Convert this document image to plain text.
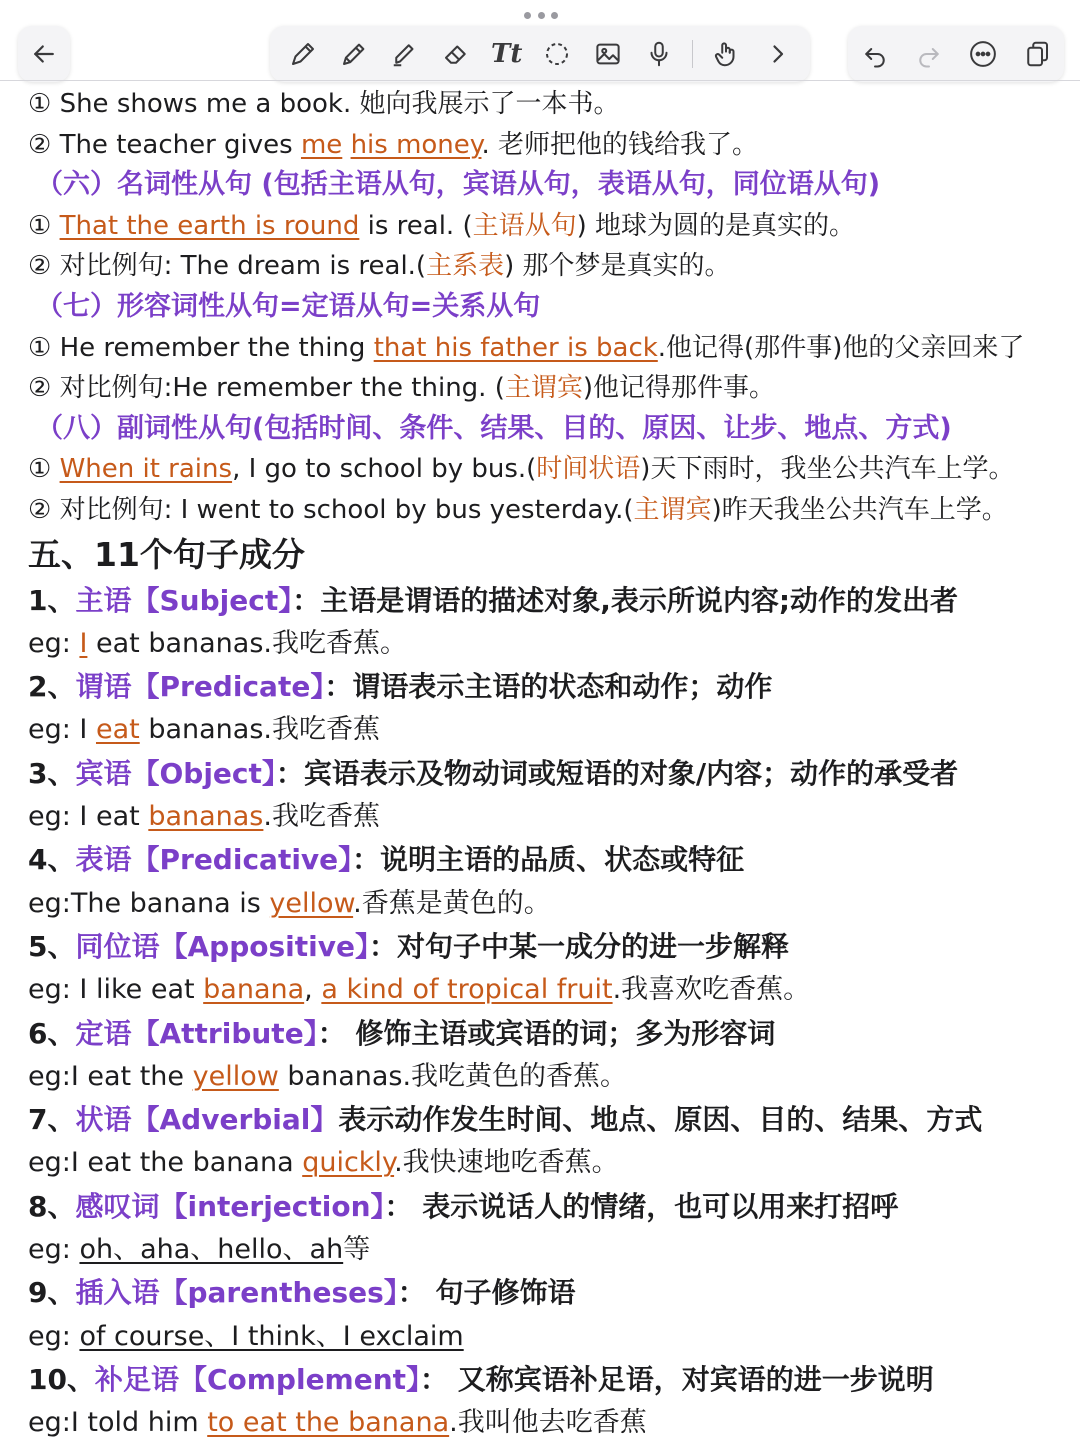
Tt
① She shows me a book. 她向我展示了一本书。
② The teacher gives me his money. 老师把他的钱给我了。
（六）名词性从句 (包括主语从句，宾语从句，表语从句，同位语从句)
① That the earth is round is real. (主语从句) 地球为圆的是真实的。
② 对比例句: The dream is real.(主系表) 那个梦是真实的。
（七）形容词性从句=定语从句=关系从句
① He remember the thing that his father is back.他记得(那件事)他的父亲回来了
② 对比例句:He remember the thing. (主谓宾)他记得那件事。
（八）副词性从句(包括时间、条件、结果、目的、原因、让步、地点、方式)
① When it rains, I go to school by bus.(时间状语)天下雨时，我坐公共汽车上学。
② 对比例句: I went to school by bus yesterday.(主谓宾)昨天我坐公共汽车上学。
五、11个句子成分
1、主语【Subject】：主语是谓语的描述对象,表示所说内容;动作的发出者
eg: I eat bananas.我吃香蕉。
2、谓语【Predicate】：谓语表示主语的状态和动作；动作
eg: I eat bananas.我吃香蕉
3、宾语【Object】：宾语表示及物动词或短语的对象/内容；动作的承受者
eg: I eat bananas.我吃香蕉
4、表语【Predicative】：说明主语的品质、状态或特征
eg:The banana is yellow.香蕉是黄色的。
5、同位语【Appositive】：对句子中某一成分的进一步解释
eg: I like eat banana, a kind of tropical fruit.我喜欢吃香蕉。
6、定语【Attribute】： 修饰主语或宾语的词；多为形容词
eg:I eat the yellow bananas.我吃黄色的香蕉。
7、状语【Adverbial】表示动作发生时间、地点、原因、目的、结果、方式
eg:I eat the banana quickly.我快速地吃香蕉。
8、感叹词【interjection】： 表示说话人的情绪，也可以用来打招呼
eg: oh、aha、hello、ah等
9、插入语【parentheses】： 句子修饰语
eg: of course、I think、I exclaim
10、补足语【Complement】： 又称宾语补足语，对宾语的进一步说明
eg:I told him to eat the banana.我叫他去吃香蕉
